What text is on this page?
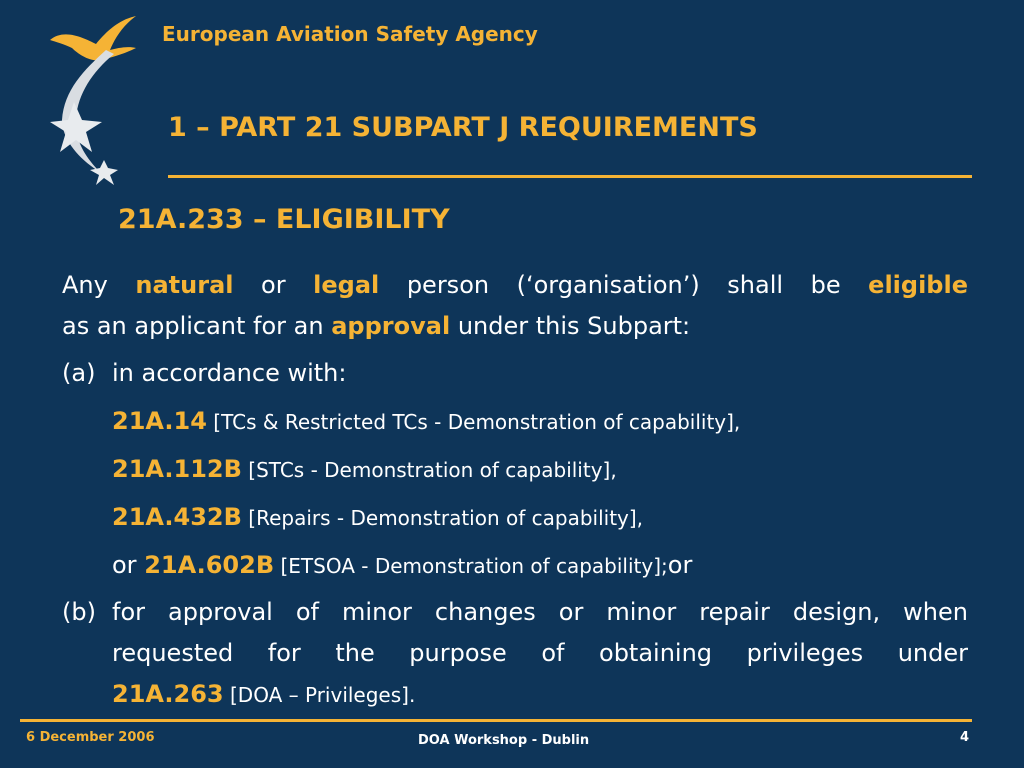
European Aviation Safety Agency
1 – PART 21 SUBPART J REQUIREMENTS
21A.233 – ELIGIBILITY
Any natural or legal person (‘organisation’) shall be eligible
as an applicant for an approval under this Subpart:
(a) in accordance with:
21A.14 [TCs & Restricted TCs - Demonstration of capability],
21A.112B [STCs - Demonstration of capability],
21A.432B [Repairs - Demonstration of capability],
or 21A.602B [ETSOA - Demonstration of capability];or
(b) for approval of minor changes or minor repair design, when
requested for the purpose of obtaining privileges under
21A.263 [DOA – Privileges].
6 December 2006	DOA Workshop - Dublin	4
